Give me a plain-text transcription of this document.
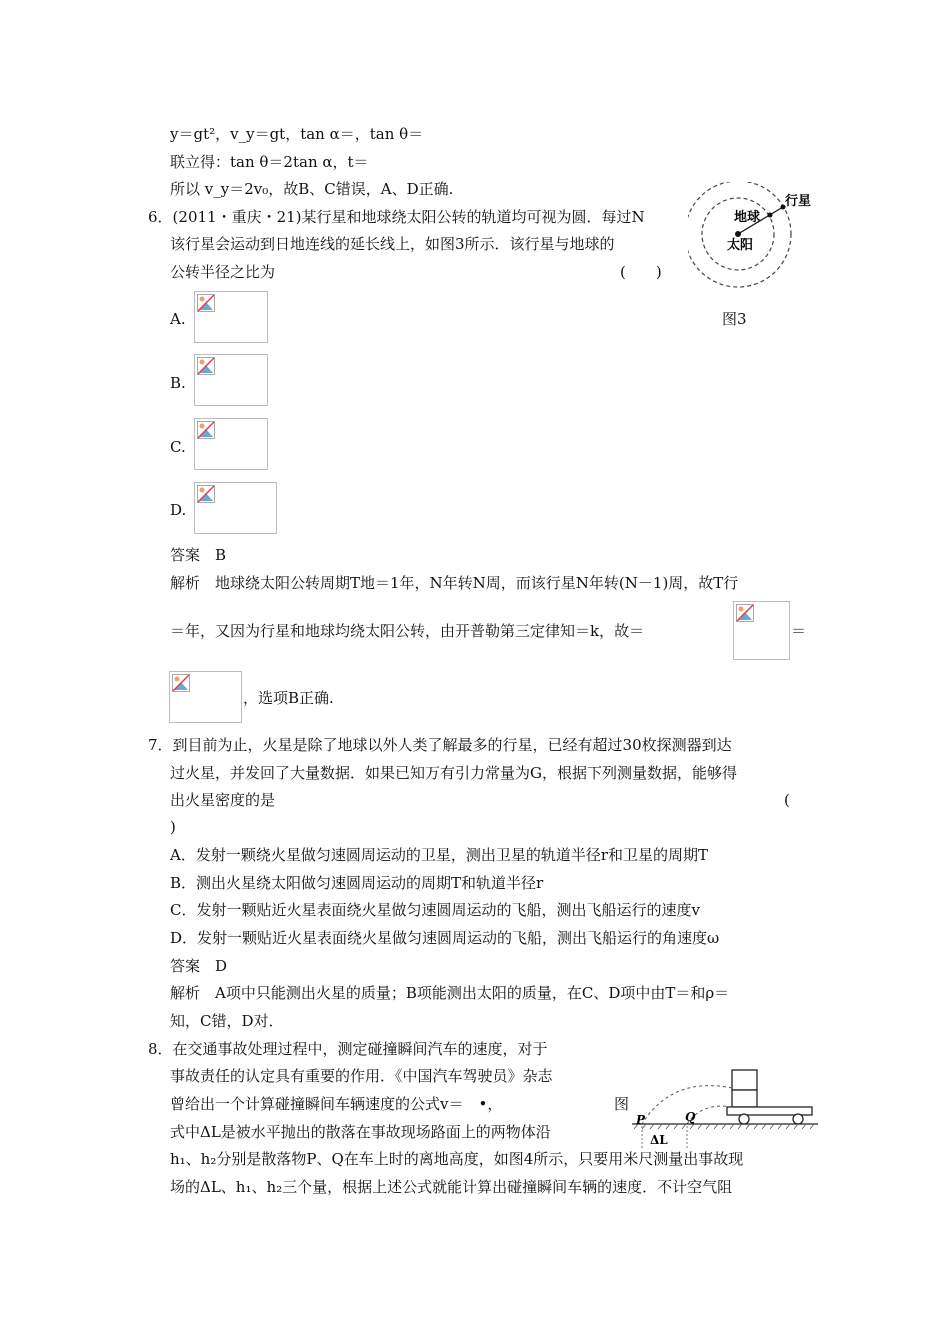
y＝gt²，v_y＝gt，tan α＝，tan θ＝
联立得：tan θ＝2tan α，t＝
所以 v_y＝2v₀，故B、C错误，A、D正确.
6．(2011・重庆・21)某行星和地球绕太阳公转的轨道均可视为圆．每过N
该行星会运动到日地连线的延长线上，如图3所示．该行星与地球的
公转半径之比为	(　　)
行星
地球
太阳
图3
A.
B.
C.
D.
答案　B
解析　地球绕太阳公转周期T地＝1年，N年转N周，而该行星N年转(N－1)周，故T行
＝年，又因为行星和地球均绕太阳公转，由开普勒第三定律知＝k，故＝	＝
，选项B正确.
7．到目前为止，火星是除了地球以外人类了解最多的行星，已经有超过30枚探测器到达
过火星，并发回了大量数据．如果已知万有引力常量为G，根据下列测量数据，能够得
出火星密度的是	(
)
A．发射一颗绕火星做匀速圆周运动的卫星，测出卫星的轨道半径r和卫星的周期T
B．测出火星绕太阳做匀速圆周运动的周期T和轨道半径r
C．发射一颗贴近火星表面绕火星做匀速圆周运动的飞船，测出飞船运行的速度v
D．发射一颗贴近火星表面绕火星做匀速圆周运动的飞船，测出飞船运行的角速度ω
答案　D
解析　A项中只能测出火星的质量；B项能测出太阳的质量，在C、D项中由T＝和ρ＝
知，C错，D对．
8．在交通事故处理过程中，测定碰撞瞬间汽车的速度，对于
事故责任的认定具有重要的作用．《中国汽车驾驶员》杂志
曾给出一个计算碰撞瞬间车辆速度的公式v＝　•，	图
式中ΔL是被水平抛出的散落在事故现场路面上的两物体沿
h₁、h₂分别是散落物P、Q在车上时的离地高度，如图4所示，只要用米尺测量出事故现
场的ΔL、h₁、h₂三个量，根据上述公式就能计算出碰撞瞬间车辆的速度．不计空气阻
P	Q
ΔL
